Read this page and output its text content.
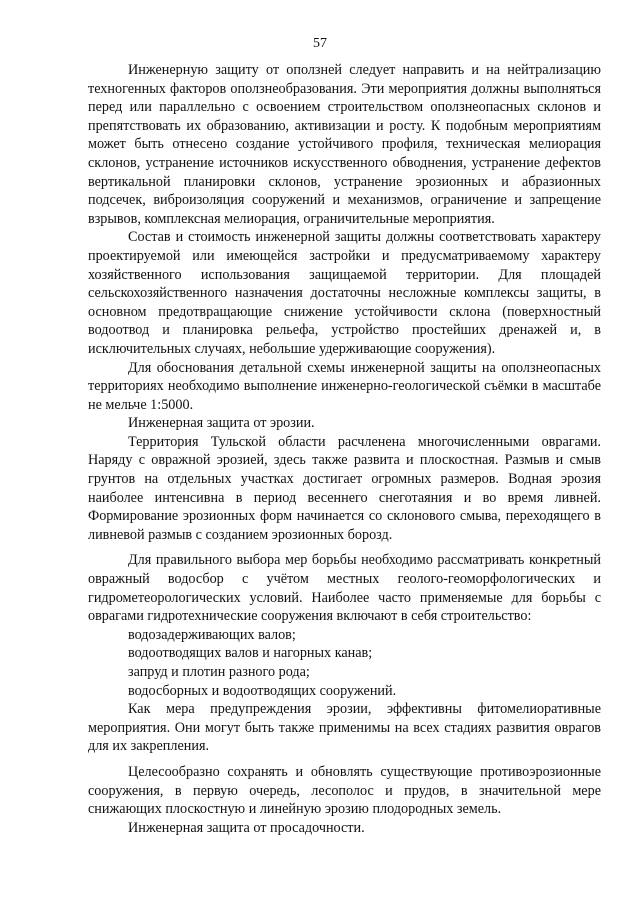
57

Инженерную защиту от оползней следует направить и на нейтрализацию техногенных факторов оползнеобразования. Эти мероприятия должны выполняться перед или параллельно с освоением строительством оползнеопасных склонов и препятствовать их образованию, активизации и росту. К подобным мероприятиям может быть отнесено создание устойчивого профиля, техническая мелиорация склонов, устранение источников искусственного обводнения, устранение дефектов вертикальной планировки склонов, устранение эрозионных и абразионных подсечек, виброизоляция сооружений и механизмов, ограничение и запрещение взрывов, комплексная мелиорация, ограничительные мероприятия.

Состав и стоимость инженерной защиты должны соответствовать характеру проектируемой или имеющейся застройки и предусматриваемому характеру хозяйственного использования защищаемой территории. Для площадей сельскохозяйственного назначения достаточны несложные комплексы защиты, в основном предотвращающие снижение устойчивости склона (поверхностный водоотвод и планировка рельефа, устройство простейших дренажей и, в исключительных случаях, небольшие удерживающие сооружения).

Для обоснования детальной схемы инженерной защиты на оползнеопасных территориях необходимо выполнение инженерно-геологической съёмки в масштабе не мельче 1:5000.

Инженерная защита от эрозии.

Территория Тульской области расчленена многочисленными оврагами. Наряду с овражной эрозией, здесь также развита и плоскостная. Размыв и смыв грунтов на отдельных участках достигает огромных размеров. Водная эрозия наиболее интенсивна в период весеннего снеготаяния и во время ливней. Формирование эрозионных форм начинается со склонового смыва, переходящего в ливневой размыв с созданием эрозионных борозд.

Для правильного выбора мер борьбы необходимо рассматривать конкретный овражный водосбор с учётом местных геолого-геоморфологических и гидрометеорологических условий. Наиболее часто применяемые для борьбы с оврагами гидротехнические сооружения включают в себя строительство:

водозадерживающих валов;

водоотводящих валов и нагорных канав;

запруд и плотин разного рода;

водосборных и водоотводящих сооружений.

Как мера предупреждения эрозии, эффективны фитомелиоративные мероприятия. Они могут быть также применимы на всех стадиях развития оврагов для их закрепления.

Целесообразно сохранять и обновлять существующие противоэрозионные сооружения, в первую очередь, лесополос и прудов, в значительной мере снижающих плоскостную и линейную эрозию плодородных земель.

Инженерная защита от просадочности.
